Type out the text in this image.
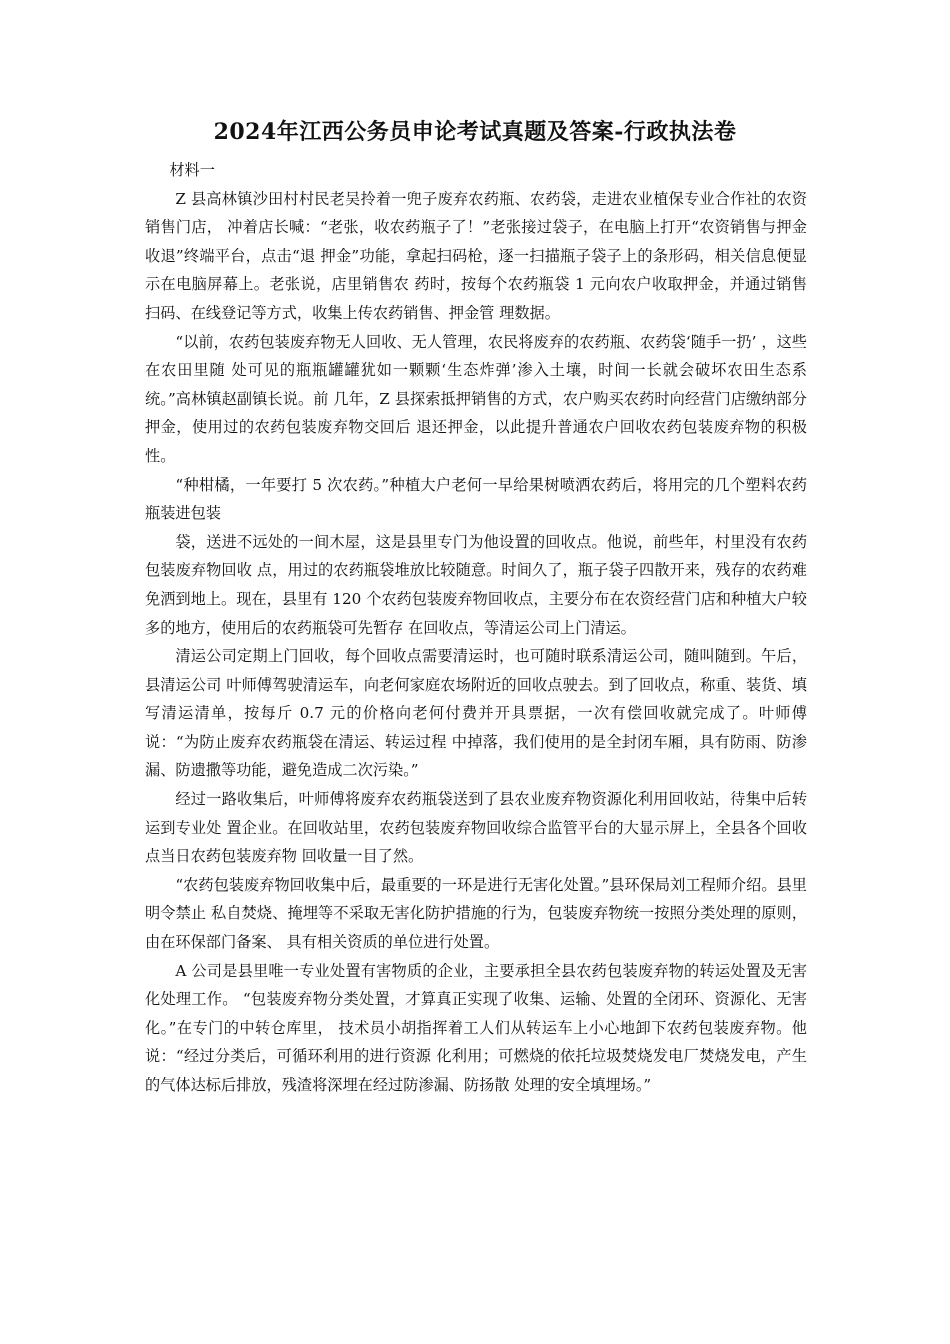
2024年江西公务员申论考试真题及答案-行政执法卷

材料一

Z 县高林镇沙田村村民老吴拎着一兜子废弃农药瓶、农药袋，走进农业植保专业合作社的农资销售门店， 冲着店长喊：“老张，收农药瓶子了！”老张接过袋子，在电脑上打开“农资销售与押金收退”终端平台，点击“退 押金”功能，拿起扫码枪，逐一扫描瓶子袋子上的条形码，相关信息便显示在电脑屏幕上。老张说，店里销售农 药时，按每个农药瓶袋 1 元向农户收取押金，并通过销售扫码、在线登记等方式，收集上传农药销售、押金管 理数据。

“以前，农药包装废弃物无人回收、无人管理，农民将废弃的农药瓶、农药袋‘随手一扔’ ，这些在农田里随 处可见的瓶瓶罐罐犹如一颗颗‘生态炸弹’渗入土壤，时间一长就会破坏农田生态系统。”高林镇赵副镇长说。前 几年，Z 县探索抵押销售的方式，农户购买农药时向经营门店缴纳部分押金，使用过的农药包装废弃物交回后 退还押金，以此提升普通农户回收农药包装废弃物的积极性。

“种柑橘，一年要打 5 次农药。”种植大户老何一早给果树喷洒农药后，将用完的几个塑料农药瓶装进包装

袋，送进不远处的一间木屋，这是县里专门为他设置的回收点。他说，前些年，村里没有农药包装废弃物回收 点，用过的农药瓶袋堆放比较随意。时间久了，瓶子袋子四散开来，残存的农药难免洒到地上。现在，县里有 120 个农药包装废弃物回收点，主要分布在农资经营门店和种植大户较多的地方，使用后的农药瓶袋可先暂存 在回收点，等清运公司上门清运。

清运公司定期上门回收，每个回收点需要清运时，也可随时联系清运公司，随叫随到。午后，县清运公司 叶师傅驾驶清运车，向老何家庭农场附近的回收点驶去。到了回收点，称重、装货、填写清运清单，按每斤 0.7 元的价格向老何付费并开具票据，一次有偿回收就完成了。叶师傅说：“为防止废弃农药瓶袋在清运、转运过程 中掉落，我们使用的是全封闭车厢，具有防雨、防渗漏、防遗撒等功能，避免造成二次污染。”

经过一路收集后，叶师傅将废弃农药瓶袋送到了县农业废弃物资源化利用回收站，待集中后转运到专业处 置企业。在回收站里，农药包装废弃物回收综合监管平台的大显示屏上，全县各个回收点当日农药包装废弃物 回收量一目了然。

“农药包装废弃物回收集中后，最重要的一环是进行无害化处置。”县环保局刘工程师介绍。县里明令禁止 私自焚烧、掩埋等不采取无害化防护措施的行为，包装废弃物统一按照分类处理的原则， 由在环保部门备案、 具有相关资质的单位进行处置。

A 公司是县里唯一专业处置有害物质的企业，主要承担全县农药包装废弃物的转运处置及无害化处理工作。 “包装废弃物分类处置，才算真正实现了收集、运输、处置的全闭环、资源化、无害化。”在专门的中转仓库里， 技术员小胡指挥着工人们从转运车上小心地卸下农药包装废弃物。他说：“经过分类后，可循环利用的进行资源 化利用；可燃烧的依托垃圾焚烧发电厂焚烧发电，产生的气体达标后排放，残渣将深埋在经过防渗漏、防扬散 处理的安全填埋场。”
